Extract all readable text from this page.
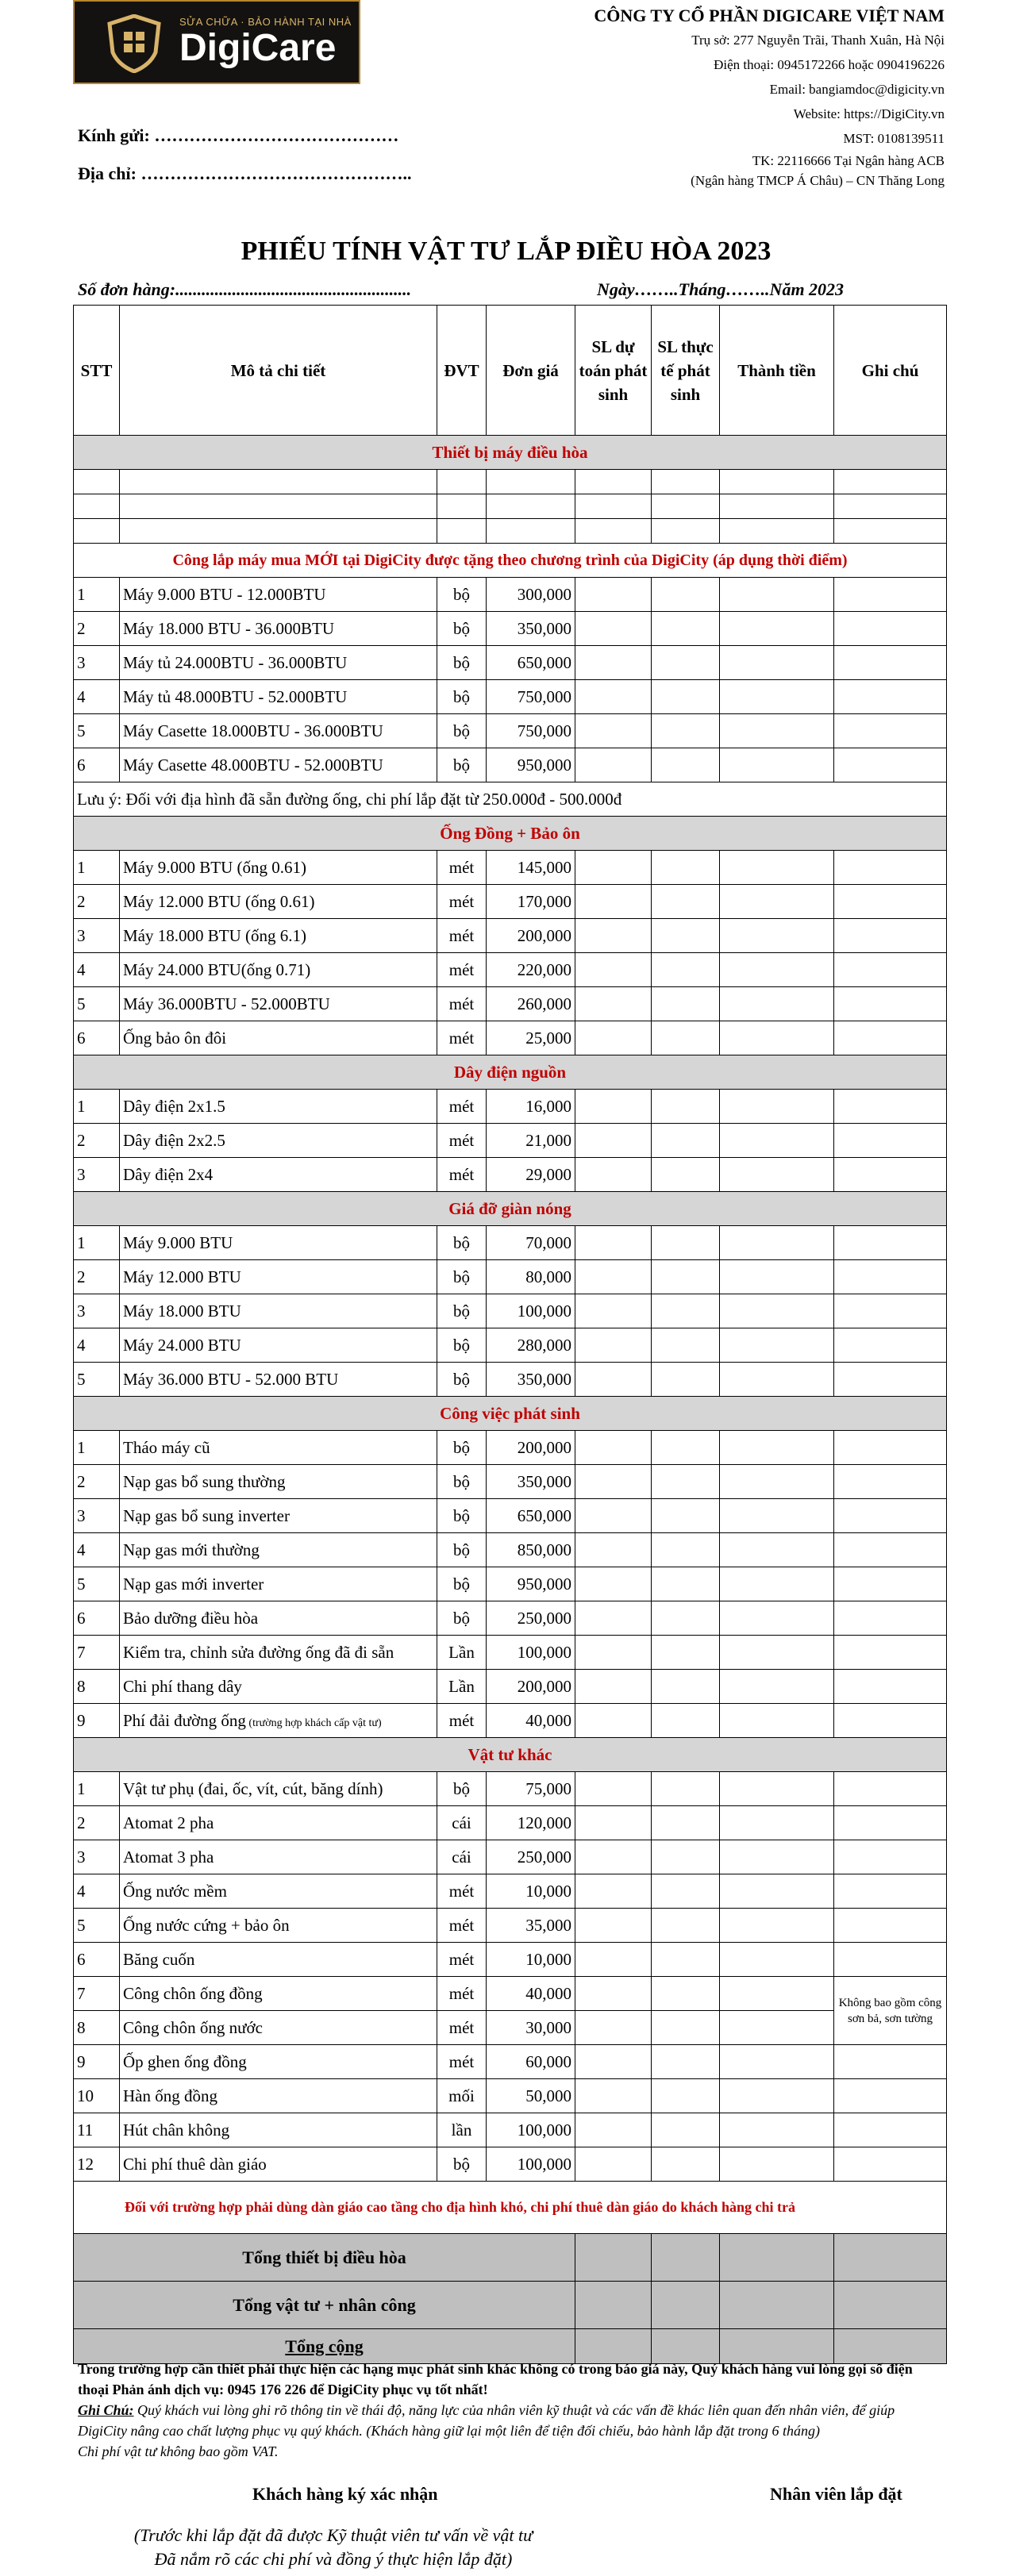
SỬA CHỮA · BẢO HÀNH TẠI NHÀ
DigiCare
CÔNG TY CỔ PHẦN DIGICARE VIỆT NAM
Trụ sở: 277 Nguyễn Trãi, Thanh Xuân, Hà Nội
Điện thoại: 0945172266 hoặc 0904196226
Email: bangiamdoc@digicity.vn
Website: https://DigiCity.vn
MST: 0108139511
TK: 22116666 Tại Ngân hàng ACB
(Ngân hàng TMCP Á Châu) – CN Thăng Long
Kính gửi: ……………………………………
Địa chỉ: ………………………………………..
PHIẾU TÍNH VẬT TƯ LẮP ĐIỀU HÒA 2023
Số đơn hàng:......................................................	Ngày……..Tháng……..Năm 2023
STT	Mô tả chi tiết	ĐVT	Đơn giá	SL dự toán phát sinh	SL thực tế phát sinh	Thành tiền	Ghi chú
Thiết bị máy điều hòa							

Công lắp máy mua MỚI tại DigiCity được tặng theo chương trình của DigiCity (áp dụng thời điểm)							
1	Máy 9.000 BTU - 12.000BTU	bộ	300,000				
2	Máy 18.000 BTU - 36.000BTU	bộ	350,000				
3	Máy tủ 24.000BTU - 36.000BTU	bộ	650,000				
4	Máy tủ 48.000BTU - 52.000BTU	bộ	750,000				
5	Máy Casette 18.000BTU - 36.000BTU	bộ	750,000				
6	Máy Casette 48.000BTU - 52.000BTU	bộ	950,000				
Lưu ý: Đối với địa hình đã sẵn đường ống, chi phí lắp đặt từ 250.000đ - 500.000đ							
Ống Đồng + Bảo ôn							
1	Máy 9.000 BTU (ống 0.61)	mét	145,000				
2	Máy 12.000 BTU (ống 0.61)	mét	170,000				
3	Máy 18.000 BTU (ống 6.1)	mét	200,000				
4	Máy 24.000 BTU(ống 0.71)	mét	220,000				
5	Máy 36.000BTU - 52.000BTU	mét	260,000				
6	Ống bảo ôn đôi	mét	25,000				
Dây điện nguồn							
1	Dây điện 2x1.5	mét	16,000				
2	Dây điện 2x2.5	mét	21,000				
3	Dây điện 2x4	mét	29,000				
Giá đỡ giàn nóng							
1	Máy 9.000 BTU	bộ	70,000				
2	Máy 12.000 BTU	bộ	80,000				
3	Máy 18.000 BTU	bộ	100,000				
4	Máy 24.000 BTU	bộ	280,000				
5	Máy 36.000 BTU - 52.000 BTU	bộ	350,000				
Công việc phát sinh							
1	Tháo máy cũ	bộ	200,000				
2	Nạp gas bổ sung thường	bộ	350,000				
3	Nạp gas bổ sung inverter	bộ	650,000				
4	Nạp gas mới thường	bộ	850,000				
5	Nạp gas mới inverter	bộ	950,000				
6	Bảo dưỡng điều hòa	bộ	250,000				
7	Kiểm tra, chỉnh sửa đường ống đã đi sẵn	Lần	100,000				
8	Chi phí thang dây	Lần	200,000				
9	Phí đải đường ống (trường hợp khách cấp vật tư)	mét	40,000				
Vật tư khác							
1	Vật tư phụ (đai, ốc, vít, cút, băng dính)	bộ	75,000				
2	Atomat 2 pha	cái	120,000				
3	Atomat 3 pha	cái	250,000				
4	Ống nước mềm	mét	10,000				
5	Ống nước cứng + bảo ôn	mét	35,000				
6	Băng cuốn	mét	10,000				
7	Công chôn ống đồng	mét	40,000				Không bao gồm công sơn bả, sơn tường
8	Công chôn ống nước	mét	30,000				
9	Ốp ghen ống đồng	mét	60,000				
10	Hàn ống đồng	mối	50,000				
11	Hút chân không	lần	100,000				
12	Chi phí thuê dàn giáo	bộ	100,000				
Đối với trường hợp phải dùng dàn giáo cao tầng cho địa hình khó, chi phí thuê dàn giáo do khách hàng chi trả							
Tổng thiết bị điều hòa							
Tổng vật tư + nhân công							
Tổng cộng							
Trong trường hợp cần thiết phải thực hiện các hạng mục phát sinh khác không có trong báo giá này, Quý khách hàng vui lòng gọi số điện thoại Phản ánh dịch vụ: 0945 176 226 để DigiCity phục vụ tốt nhất!
Ghi Chú: Quý khách vui lòng ghi rõ thông tin về thái độ, năng lực của nhân viên kỹ thuật và các vấn đề khác liên quan đến nhân viên, để giúp DigiCity nâng cao chất lượng phục vụ quý khách. (Khách hàng giữ lại một liên để tiện đối chiếu, bảo hành lắp đặt trong 6 tháng)
Chi phí vật tư không bao gồm VAT.
Khách hàng ký xác nhận	Nhân viên lắp đặt
(Trước khi lắp đặt đã được Kỹ thuật viên tư vấn về vật tư
Đã nắm rõ các chi phí và đồng ý thực hiện lắp đặt)
